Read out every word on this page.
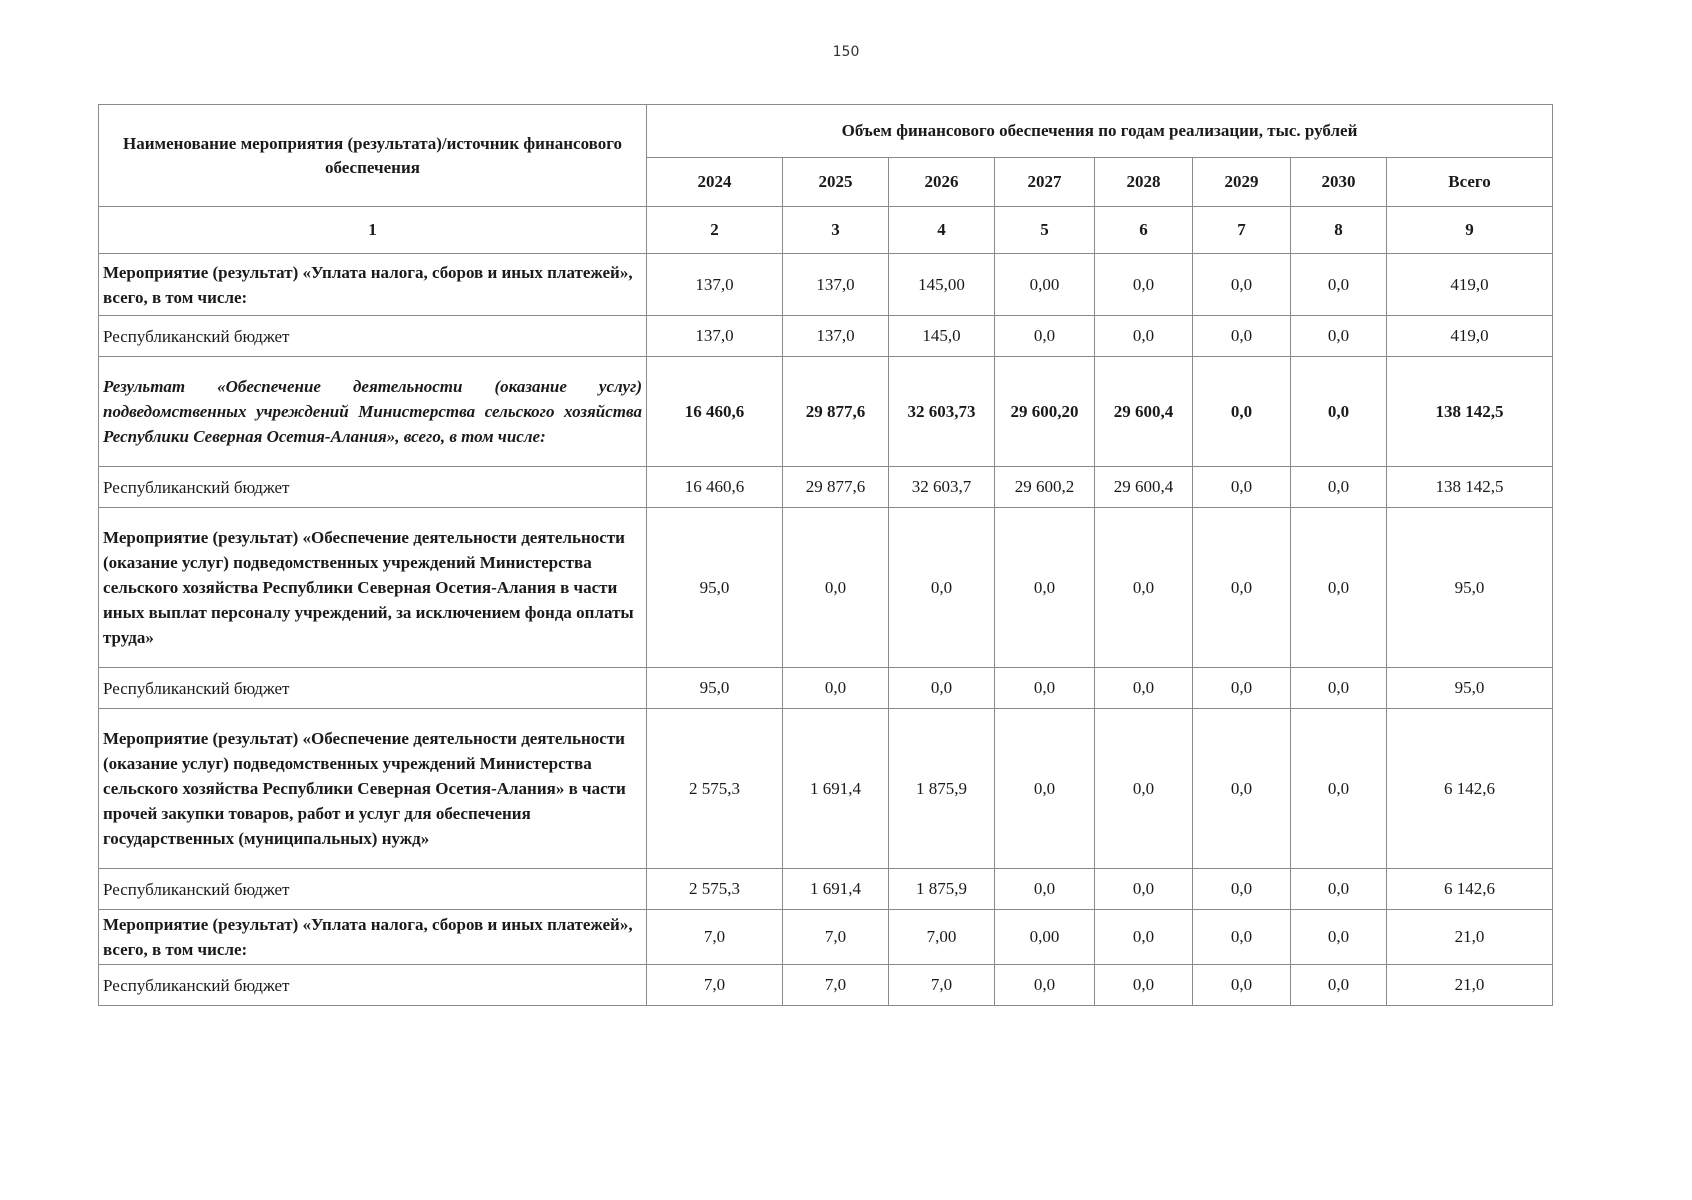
150
Наименование мероприятия (результата)/источник финансового обеспечения	Объем финансового обеспечения по годам реализации, тыс. рублей							
	2024	2025	2026	2027	2028	2029	2030	Всего
1	2	3	4	5	6	7	8	9
Мероприятие (результат) «Уплата налога, сборов и иных платежей», всего, в том числе:	137,0	137,0	145,00	0,00	0,0	0,0	0,0	419,0
Республиканский бюджет	137,0	137,0	145,0	0,0	0,0	0,0	0,0	419,0
Результат «Обеспечение деятельности (оказание услуг) подведомственных учреждений Министерства сельского хозяйства Республики Северная Осетия-Алания», всего, в том числе:	16 460,6	29 877,6	32 603,73	29 600,20	29 600,4	0,0	0,0	138 142,5
Республиканский бюджет	16 460,6	29 877,6	32 603,7	29 600,2	29 600,4	0,0	0,0	138 142,5
Мероприятие (результат) «Обеспечение деятельности деятельности (оказание услуг) подведомственных учреждений Министерства сельского хозяйства Республики Северная Осетия-Алания в части иных выплат персоналу учреждений, за исключением фонда оплаты труда»	95,0	0,0	0,0	0,0	0,0	0,0	0,0	95,0
Республиканский бюджет	95,0	0,0	0,0	0,0	0,0	0,0	0,0	95,0
Мероприятие (результат) «Обеспечение деятельности деятельности (оказание услуг) подведомственных учреждений Министерства сельского хозяйства Республики Северная Осетия-Алания» в части прочей закупки товаров, работ и услуг для обеспечения государственных (муниципальных) нужд»	2 575,3	1 691,4	1 875,9	0,0	0,0	0,0	0,0	6 142,6
Республиканский бюджет	2 575,3	1 691,4	1 875,9	0,0	0,0	0,0	0,0	6 142,6
Мероприятие (результат) «Уплата налога, сборов и иных платежей», всего, в том числе:	7,0	7,0	7,00	0,00	0,0	0,0	0,0	21,0
Республиканский бюджет	7,0	7,0	7,0	0,0	0,0	0,0	0,0	21,0
